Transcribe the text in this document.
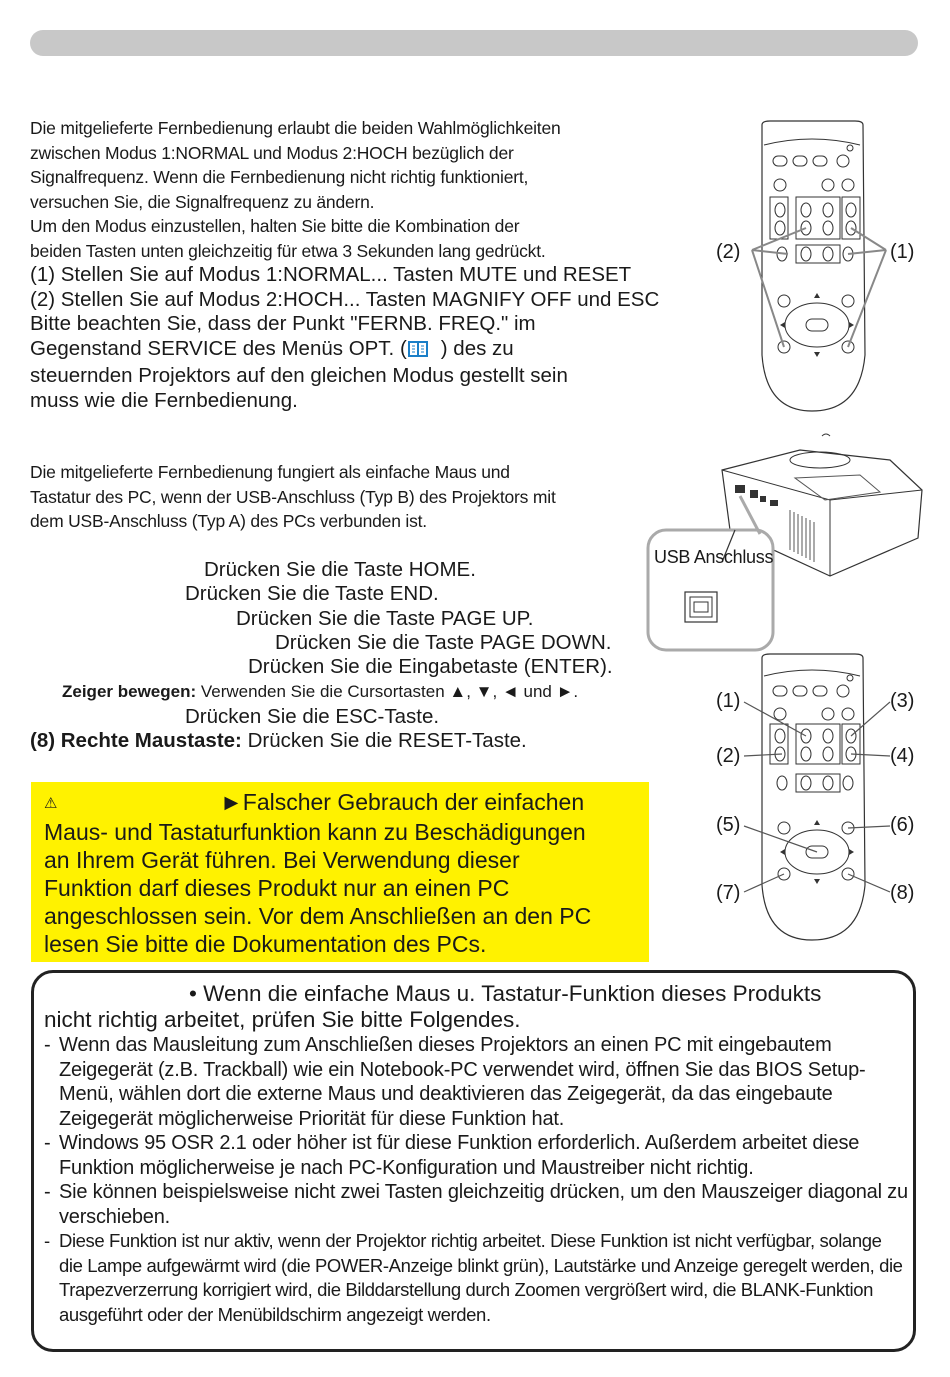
Die mitgelieferte Fernbedienung erlaubt die beiden Wahlmöglichkeiten
zwischen Modus 1:NORMAL und Modus 2:HOCH bezüglich der
Signalfrequenz. Wenn die Fernbedienung nicht richtig funktioniert,
versuchen Sie, die Signalfrequenz zu ändern.
Um den Modus einzustellen, halten Sie bitte die Kombination der
beiden Tasten unten gleichzeitig für etwa 3 Sekunden lang gedrückt.
(1) Stellen Sie auf Modus 1:NORMAL... Tasten MUTE und RESET
(2) Stellen Sie auf Modus 2:HOCH... Tasten MAGNIFY OFF und ESC
Bitte beachten Sie, dass der Punkt "FERNB. FREQ." im
Gegenstand SERVICE des Menüs OPT. ( ) des zu
steuernden Projektors auf den gleichen Modus gestellt sein
muss wie die Fernbedienung.
(2)	(1)
Die mitgelieferte Fernbedienung fungiert als einfache Maus und
Tastatur des PC, wenn der USB-Anschluss (Typ B) des Projektors mit
dem USB-Anschluss (Typ A) des PCs verbunden ist.
Drücken Sie die Taste HOME.
Drücken Sie die Taste END.
Drücken Sie die Taste PAGE UP.
Drücken Sie die Taste PAGE DOWN.
Drücken Sie die Eingabetaste (ENTER).
Zeiger bewegen: Verwenden Sie die Cursortasten ▲, ▼, ◄ und ►.
Drücken Sie die ESC-Taste.
(8) Rechte Maustaste: Drücken Sie die RESET-Taste.
USB Anschluss
(1)
(2)
(5)
(7)
(3)
(4)
(6)
(8)
⚠	►Falscher Gebrauch der einfachen
Maus- und Tastaturfunktion kann zu Beschädigungen
an Ihrem Gerät führen. Bei Verwendung dieser
Funktion darf dieses Produkt nur an einen PC
angeschlossen sein. Vor dem Anschließen an den PC
lesen Sie bitte die Dokumentation des PCs.
• Wenn die einfache Maus u. Tastatur-Funktion dieses Produkts
nicht richtig arbeitet, prüfen Sie bitte Folgendes.
- Wenn das Mausleitung zum Anschließen dieses Projektors an einen PC mit eingebautem Zeigegerät (z.B. Trackball) wie ein Notebook-PC verwendet wird, öffnen Sie das BIOS Setup-Menü, wählen dort die externe Maus und deaktivieren das Zeigegerät, da das eingebaute Zeigegerät möglicherweise Priorität für diese Funktion hat.
- Windows 95 OSR 2.1 oder höher ist für diese Funktion erforderlich. Außerdem arbeitet diese Funktion möglicherweise je nach PC-Konfiguration und Maustreiber nicht richtig.
- Sie können beispielsweise nicht zwei Tasten gleichzeitig drücken, um den Mauszeiger diagonal zu verschieben.
- Diese Funktion ist nur aktiv, wenn der Projektor richtig arbeitet. Diese Funktion ist nicht verfügbar, solange die Lampe aufgewärmt wird (die POWER-Anzeige blinkt grün), Lautstärke und Anzeige geregelt werden, die Trapezverzerrung korrigiert wird, die Bilddarstellung durch Zoomen vergrößert wird, die BLANK-Funktion ausgeführt oder der Menübildschirm angezeigt werden.
